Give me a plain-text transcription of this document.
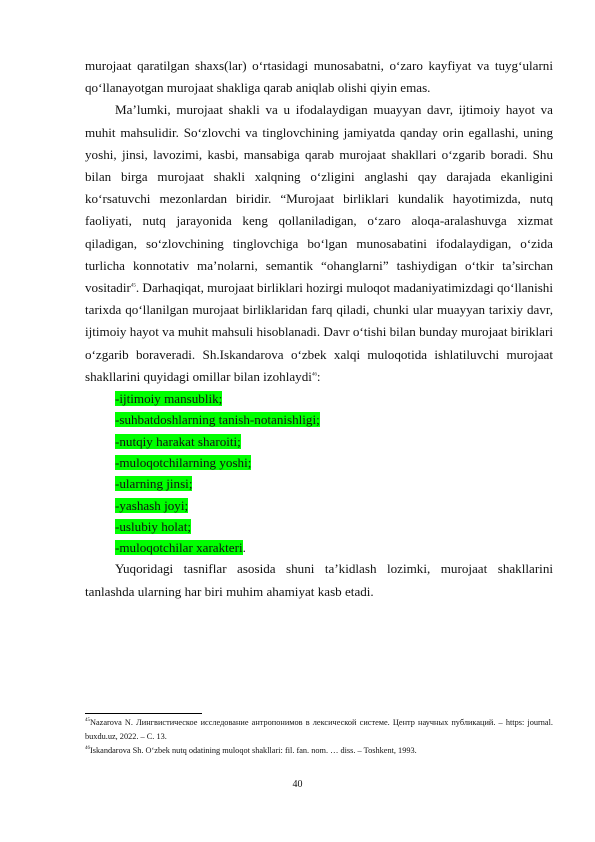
murojaat qaratilgan shaxs(lar) o‘rtasidagi munosabatni, o‘zaro kayfiyat va tuyg‘ularni qo‘llanayotgan murojaat shakliga qarab aniqlab olishi qiyin emas.

Ma’lumki, murojaat shakli va u ifodalaydigan muayyan davr, ijtimoiy hayot va muhit mahsulidir. So‘zlovchi va tinglovchining jamiyatda qanday orin egallashi, uning yoshi, jinsi, lavozimi, kasbi, mansabiga qarab murojaat shakllari o‘zgarib boradi. Shu bilan birga murojaat shakli xalqning o‘zligini anglashi qay darajada ekanligini ko‘rsatuvchi mezonlardan biridir. “Murojaat birliklari kundalik hayotimizda, nutq faoliyati, nutq jarayonida keng qollaniladigan, o‘zaro aloqa-aralashuvga xizmat qiladigan, so‘zlovchining tinglovchiga bo‘lgan munosabatini ifodalaydigan, o‘zida turlicha konnotativ ma’nolarni, semantik “ohanglarni” tashiydigan o‘tkir ta’sirchan vositadir$^{45}$. Darhaqiqat, murojaat birliklari hozirgi muloqot madaniyatimizdagi qo‘llanishi tarixda qo‘llanilgan murojaat birliklaridan farq qiladi, chunki ular muayyan tarixiy davr, ijtimoiy hayot va muhit mahsuli hisoblanadi. Davr o‘tishi bilan bunday murojaat biriklari o‘zgarib boraveradi. Sh.Iskandarova o‘zbek xalqi muloqotida ishlatiluvchi murojaat shakllarini quyidagi omillar bilan izohlaydi$^{46}$:

-ijtimoiy mansublik;
-suhbatdoshlarning tanish-notanishligi;
-nutqiy harakat sharoiti;
-muloqotchilarning yoshi;
-ularning jinsi;
-yashash joyi;
-uslubiy holat;
-muloqotchilar xarakteri.

Yuqoridagi tasniflar asosida shuni ta’kidlash lozimki, murojaat shakllarini tanlashda ularning har biri muhim ahamiyat kasb etadi.

$^{45}$Nazarova N. Лингвистическое исследование антропонимов в лексической системе. Центр научных публикаций. – https: journal. buxdu.uz, 2022. – С. 13.

$^{46}$Iskandarova Sh. O‘zbek nutq odatining muloqot shakllari: fil. fan. nom. … diss. – Toshkent, 1993.

40
